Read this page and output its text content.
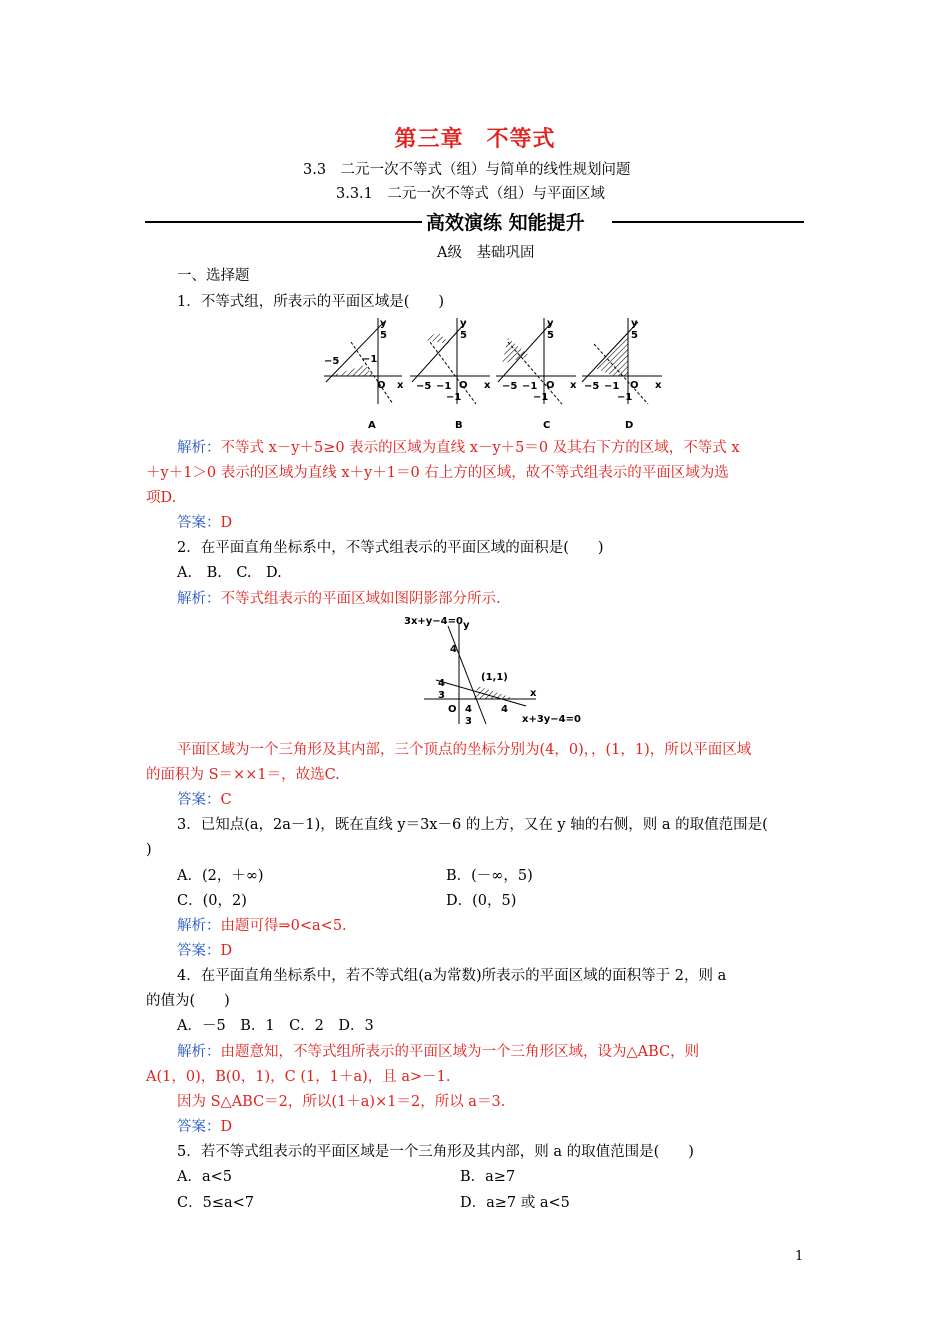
第三章　不等式
3.3　二元一次不等式（组）与简单的线性规划问题
3.3.1　二元一次不等式（组）与平面区域
高效演练 知能提升
A级　基础巩固
一、选择题
1．不等式组，所表示的平面区域是(　　)
y
5
−5 −1
O x
A
y
5
−5 −1
−1
O x
B
y
5
−5 −1
−1
O x
C
y
5
−5 −1
−1
O x
D
解析：不等式 x－y＋5≥0 表示的区域为直线 x－y＋5＝0 及其右下方的区域，不等式 x
＋y＋1＞0 表示的区域为直线 x＋y＋1＝0 右上方的区域，故不等式组表示的平面区域为选
项D.
答案：D
2．在平面直角坐标系中，不等式组表示的平面区域的面积是(　　)
A.　B.　C.　D.
解析：不等式组表示的平面区域如图阴影部分所示.
3x+y−4=0 y
4
(1,1)
4
3	x
O 4
3
4
x+3y−4=0
平面区域为一个三角形及其内部，三个顶点的坐标分别为(4，0)，，(1，1)，所以平面区域
的面积为 S＝××1＝，故选C.
答案：C
3．已知点(a，2a－1)，既在直线 y＝3x－6 的上方，又在 y 轴的右侧，则 a 的取值范围是(
)
A．(2，＋∞)	B．(－∞，5)
C．(0，2)	D．(0，5)
解析：由题可得⇒0<a<5.
答案：D
4．在平面直角坐标系中，若不等式组(a为常数)所表示的平面区域的面积等于 2，则 a
的值为(　　)
A．－5　B．1　C．2　D．3
解析：由题意知，不等式组所表示的平面区域为一个三角形区域，设为△ABC，则
A(1，0)，B(0，1)，C (1，1＋a)，且 a>－1.
因为 S△ABC＝2，所以(1＋a)×1＝2，所以 a＝3.
答案：D
5．若不等式组表示的平面区域是一个三角形及其内部，则 a 的取值范围是(　　)
A．a<5	B．a≥7
C．5≤a<7	D．a≥7 或 a<5
1
